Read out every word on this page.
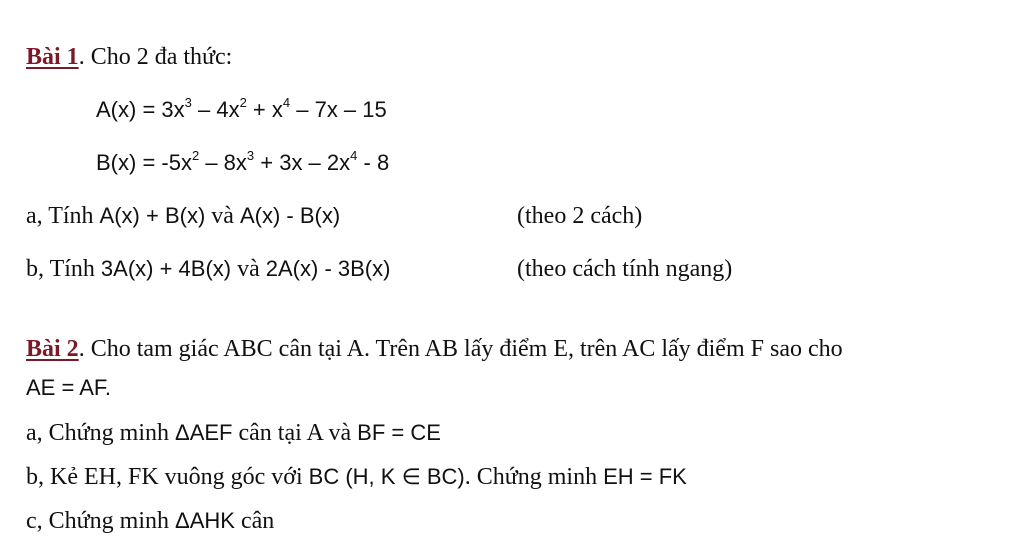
Bài 1. Cho 2 đa thức:
$A(x) = 3x^3 - 4x^2 + x^4 - 7x - 15$
$B(x) = -5x^2 - 8x^3 + 3x - 2x^4 - 8$
a, Tính A(x) + B(x) và A(x) - B(x)	(theo 2 cách)
b, Tính 3A(x) + 4B(x) và 2A(x) - 3B(x)	(theo cách tính ngang)
Bài 2. Cho tam giác ABC cân tại A. Trên AB lấy điểm E, trên AC lấy điểm F sao cho
AE = AF.
a, Chứng minh ΔAEF cân tại A và BF = CE
b, Kẻ EH, FK vuông góc với BC (H, K ∈ BC). Chứng minh EH = FK
c, Chứng minh ΔAHK cân
